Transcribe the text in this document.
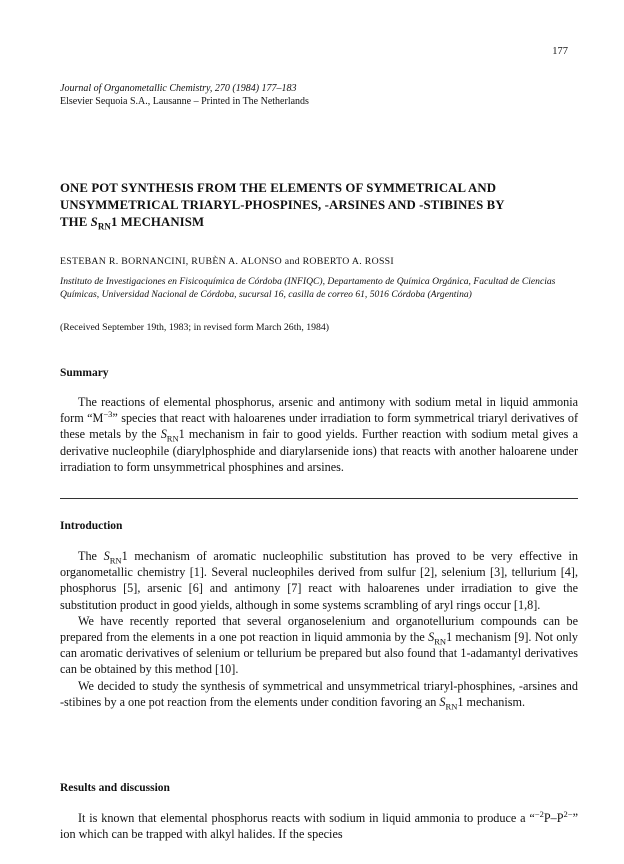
177
Journal of Organometallic Chemistry, 270 (1984) 177–183
Elsevier Sequoia S.A., Lausanne – Printed in The Netherlands
ONE POT SYNTHESIS FROM THE ELEMENTS OF SYMMETRICAL AND
UNSYMMETRICAL TRIARYL-PHOSPINES, -ARSINES AND -STIBINES BY
THE $S_{RN}1$ MECHANISM
ESTEBAN R. BORNANCINI, RUBÈN A. ALONSO and ROBERTO A. ROSSI
Instituto de Investigaciones en Fisicoquímica de Córdoba (INFIQC), Departamento de Química Orgánica, Facultad de Ciencias Químicas, Universidad Nacional de Córdoba, sucursal 16, casilla de correo 61, 5016 Córdoba (Argentina)
(Received September 19th, 1983; in revised form March 26th, 1984)
Summary

The reactions of elemental phosphorus, arsenic and antimony with sodium metal in liquid ammonia form “$M^{-3}$” species that react with haloarenes under irradiation to form symmetrical triaryl derivatives of these metals by the $S_{RN}1$ mechanism in fair to good yields. Further reaction with sodium metal gives a derivative nucleophile (diarylphosphide and diarylarsenide ions) that reacts with another haloarene under irradiation to form unsymmetrical phosphines and arsines.

Introduction

The $S_{RN}1$ mechanism of aromatic nucleophilic substitution has proved to be very effective in organometallic chemistry [1]. Several nucleophiles derived from sulfur [2], selenium [3], tellurium [4], phosphorus [5], arsenic [6] and antimony [7] react with haloarenes under irradiation to give the substitution product in good yields, although in some systems scrambling of aryl rings occur [1,8].

We have recently reported that several organoselenium and organotellurium compounds can be prepared from the elements in a one pot reaction in liquid ammonia by the $S_{RN}1$ mechanism [9]. Not only can aromatic derivatives of selenium or tellurium be prepared but also found that 1-adamantyl derivatives can be obtained by this method [10].

We decided to study the synthesis of symmetrical and unsymmetrical triaryl-phosphines, -arsines and -stibines by a one pot reaction from the elements under condition favoring an $S_{RN}1$ mechanism.

Results and discussion

It is known that elemental phosphorus reacts with sodium in liquid ammonia to produce a “$^{-2}P-P^{2-}$” ion which can be trapped with alkyl halides. If the species
